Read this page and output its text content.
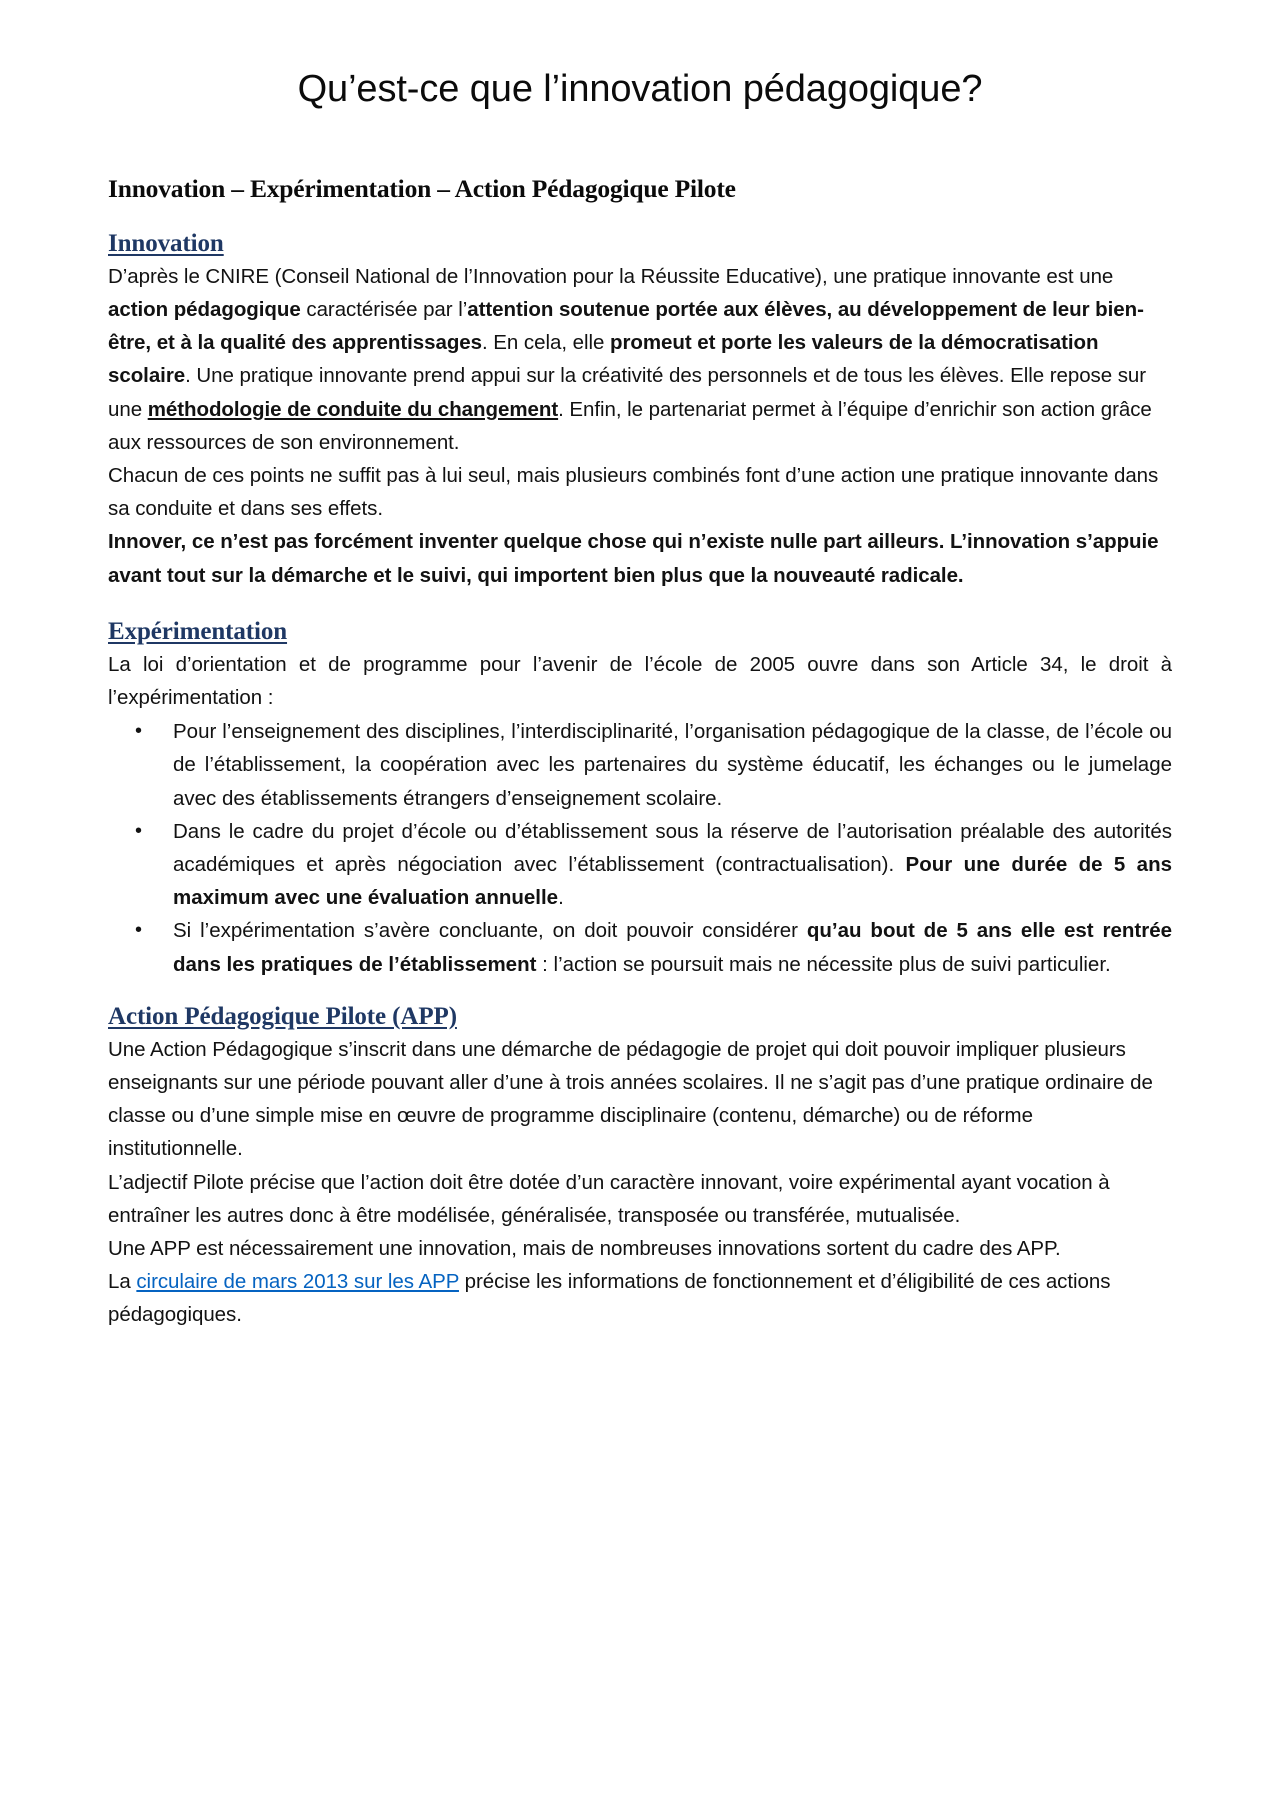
Qu’est-ce que l’innovation pédagogique?
Innovation – Expérimentation – Action Pédagogique Pilote
Innovation

D’après le CNIRE (Conseil National de l’Innovation pour la Réussite Educative), une pratique innovante est une action pédagogique caractérisée par l’attention soutenue portée aux élèves, au développement de leur bien-être, et à la qualité des apprentissages. En cela, elle promeut et porte les valeurs de la démocratisation scolaire. Une pratique innovante prend appui sur la créativité des personnels et de tous les élèves. Elle repose sur une méthodologie de conduite du changement. Enfin, le partenariat permet à l’équipe d’enrichir son action grâce aux ressources de son environnement.

Chacun de ces points ne suffit pas à lui seul, mais plusieurs combinés font d’une action une pratique innovante dans sa conduite et dans ses effets.

Innover, ce n’est pas forcément inventer quelque chose qui n’existe nulle part ailleurs. L’innovation s’appuie avant tout sur la démarche et le suivi, qui importent bien plus que la nouveauté radicale.

Expérimentation

La loi d’orientation et de programme pour l’avenir de l’école de 2005 ouvre dans son Article 34, le droit à l’expérimentation :

• Pour l’enseignement des disciplines, l’interdisciplinarité, l’organisation pédagogique de la classe, de l’école ou de l’établissement, la coopération avec les partenaires du système éducatif, les échanges ou le jumelage avec des établissements étrangers d’enseignement scolaire.
• Dans le cadre du projet d’école ou d’établissement sous la réserve de l’autorisation préalable des autorités académiques et après négociation avec l’établissement (contractualisation). Pour une durée de 5 ans maximum avec une évaluation annuelle.
• Si l’expérimentation s’avère concluante, on doit pouvoir considérer qu’au bout de 5 ans elle est rentrée dans les pratiques de l’établissement : l’action se poursuit mais ne nécessite plus de suivi particulier.
Action Pédagogique Pilote (APP)

Une Action Pédagogique s’inscrit dans une démarche de pédagogie de projet qui doit pouvoir impliquer plusieurs enseignants sur une période pouvant aller d’une à trois années scolaires. Il ne s’agit pas d’une pratique ordinaire de classe ou d’une simple mise en œuvre de programme disciplinaire (contenu, démarche) ou de réforme institutionnelle.

L’adjectif Pilote précise que l’action doit être dotée d’un caractère innovant, voire expérimental ayant vocation à entraîner les autres donc à être modélisée, généralisée, transposée ou transférée, mutualisée.

Une APP est nécessairement une innovation, mais de nombreuses innovations sortent du cadre des APP.

La circulaire de mars 2013 sur les APP précise les informations de fonctionnement et d’éligibilité de ces actions pédagogiques.
